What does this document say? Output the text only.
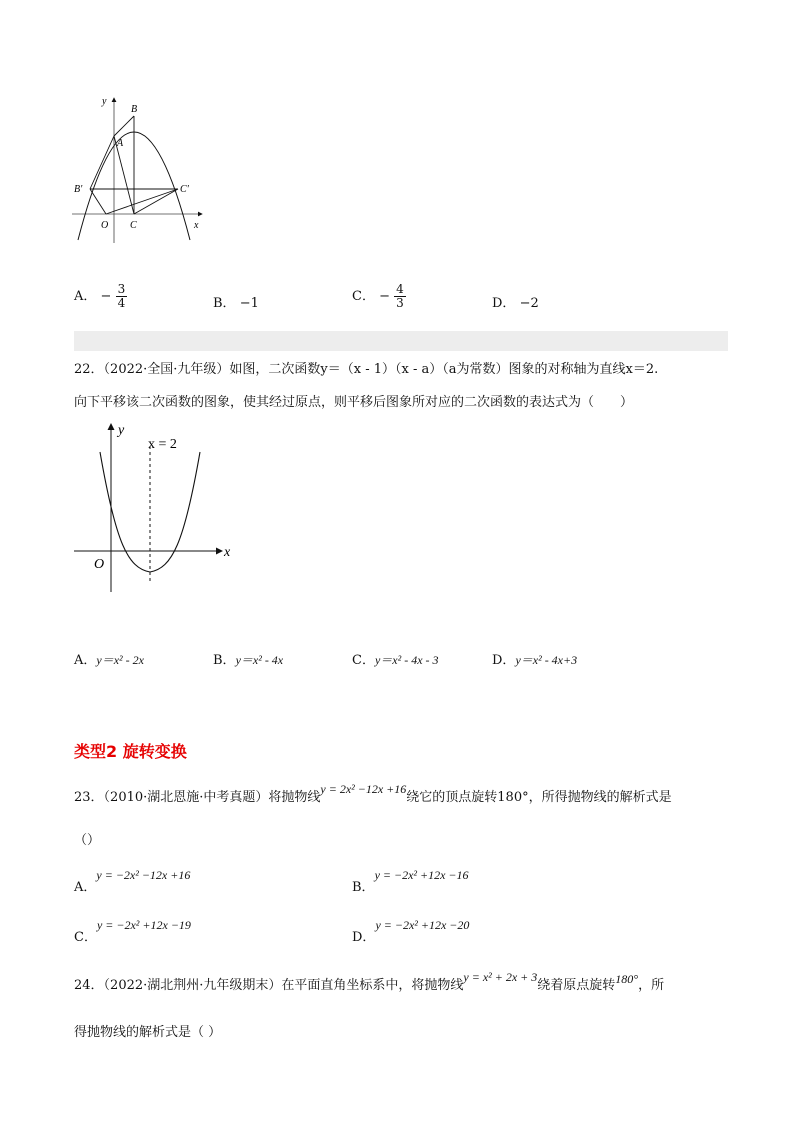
y
B
A
B'	C'
O C	x
A． − $\frac{3}{4}$	B． −1	C． − $\frac{4}{3}$	D． −2
22．（2022·全国·九年级）如图，二次函数y＝（x - 1）（x - a）（a为常数）图象的对称轴为直线x＝2.
向下平移该二次函数的图象，使其经过原点，则平移后图象所对应的二次函数的表达式为（　　）
y
x = 2
O
x
A．y＝x² - 2x	B．y＝x² - 4x	C．y＝x² - 4x - 3	D．y＝x² - 4x+3
类型2 旋转变换
23．（2010·湖北恩施·中考真题）将抛物线y = 2x² −12x +16绕它的顶点旋转180°，所得抛物线的解析式是
（）
A．y = −2x² −12x +16
B．y = −2x² +12x −16
C．y = −2x² +12x −19
D．y = −2x² +12x −20
24．（2022·湖北荆州·九年级期末）在平面直角坐标系中，将抛物线y = x² + 2x + 3绕着原点旋转180°，所
得抛物线的解析式是（ ）
